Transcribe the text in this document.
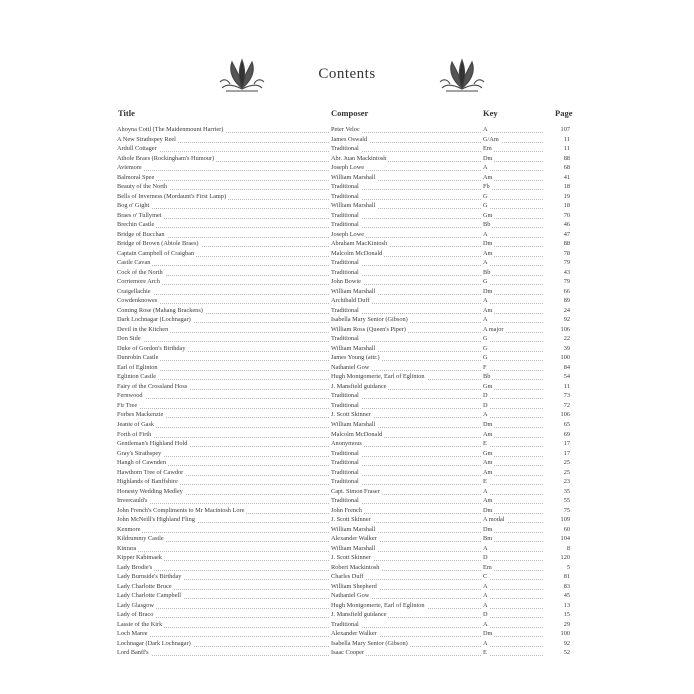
Contents
Title	Composer	Key	Page
Ahoyna Cottl (The Maidenmount Harrier)	Peter Veloc	A	107
A New Strathspey Reel	James Oswald	G/Am	11
Ardull Cottager	Traditional	Em	11
Athole Braes (Rockingham's Humour)	Abr. Juan Mackintosh	Dm	88
Aviemore	Joseph Lowe	A	68
Balmoral Spee	William Marshall	Am	41
Beauty of the North	Traditional	Fb	18
Bells of Inverness (Mordaunt's First Lamp)	Traditional	G	19
Bog o' Gight	William Marshall	G	18
Braes o' Tullymet	Traditional	Gm	70
Brechin Castle	Traditional	Bb	46
Bridge of Bucchan	Joseph Lowe	A	47
Bridge of Brown (Abtole Braes)	Abraham MacKintosh	Dm	88
Captain Campbell of Craigban	Malcolm McDonald	Am	78
Castle Cavan	Traditional	A	79
Cock of the North	Traditional	Bb	43
Corriemore Arch	John Bowie	G	79
Craigellachie	William Marshall	Dm	66
Cowdenknowes	Archibald Duff	A	89
Coming Rose (Mahang Brackens)	Traditional	Am	24
Dark Lochnagar (Lochnagar)	Isabella Mary Senior (Gibson)	A	92
Devil in the Kitchen	William Ross (Queen's Piper)	A major	106
Don Side	Traditional	G	22
Duke of Gordon's Birthday	William Marshall	G	39
Dunrobin Castle	James Young (attr.)	G	100
Earl of Eglinton	Nathaniel Gow	F	84
Eglinton Castle	Hugh Montgomerie, Earl of Eglinton	Bb	54
Fairy of the Crossland Hoss	J. Mansfield guidance	Gm	11
Fernwood	Traditional	D	73
Fir Tree	Traditional	D	72
Forbes Mackenzie	J. Scott Skinner	A	106
Jeanie of Gask	William Marshall	Dm	65
Forth of Firth	Malcolm McDonald	Am	69
Gentleman's Highland Hold	Anonymous	E	17
Gray's Strathspey	Traditional	Gm	17
Hangh of Cawnden	Traditional	Am	25
Hawthorn Tree of Cawdor	Traditional	Am	25
Highlands of Banffshire	Traditional	E	23
Honesty Wedding Medley	Capt. Simon Fraser	A	35
Invercauld's	Traditional	Am	55
John French's Compliments to Mr Macintosh Lore	John French	Dm	75
John McNeill's Highland Fling	J. Scott Skinner	A modal	109
Kenmore	William Marshall	Dm	60
Kildrummy Castle	Alexander Walker	Bm	104
Kinrara	William Marshall	A	8
Kipper Kabimaek	J. Scott Skinner	D	120
Lady Brodie's	Robert Mackintosh	Em	5
Lady Burnside's Birthday	Charles Duff	C	81
Lady Charlotte Bruce	William Shepherd	A	83
Lady Charlotte Campbell	Nathaniel Gow	A	45
Lady Glasgow	Hugh Montgomerie, Earl of Eglinton	A	13
Lady of Braco	J. Mansfield guidance	D	15
Lassie of the Kirk	Traditional	A	29
Loch Maree	Alexander Walker	Dm	100
Lochnagar (Dark Lochnagar)	Isabella Mary Senior (Gibson)	A	92
Lord Banff's	Isaac Cooper	E	52
